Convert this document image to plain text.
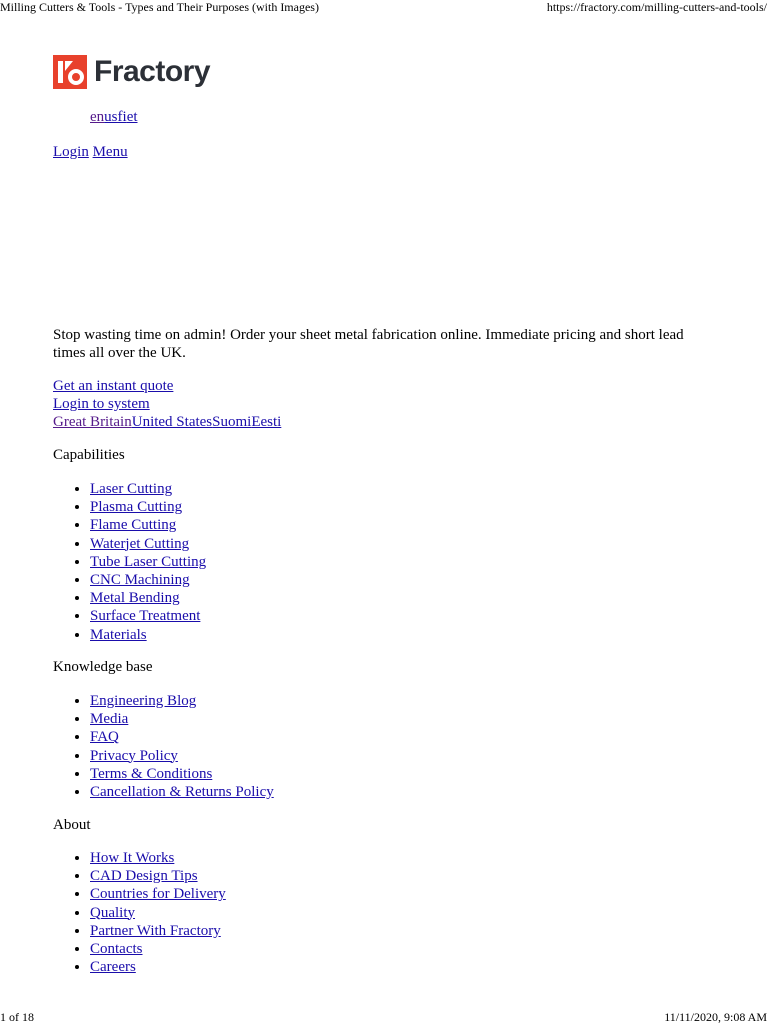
Milling Cutters & Tools - Types and Their Purposes (with Images)	https://fractory.com/milling-cutters-and-tools/
Fractory
enusfiet
Login Menu

Stop wasting time on admin! Order your sheet metal fabrication online. Immediate pricing and short lead times all over the UK.

Get an instant quote
Login to system
Great BritainUnited StatesSuomiEesti
Capabilities
• Laser Cutting
• Plasma Cutting
• Flame Cutting
• Waterjet Cutting
• Tube Laser Cutting
• CNC Machining
• Metal Bending
• Surface Treatment
• Materials
Knowledge base
• Engineering Blog
• Media
• FAQ
• Privacy Policy
• Terms & Conditions
• Cancellation & Returns Policy
About
• How It Works
• CAD Design Tips
• Countries for Delivery
• Quality
• Partner With Fractory
• Contacts
• Careers
1 of 18	11/11/2020, 9:08 AM
